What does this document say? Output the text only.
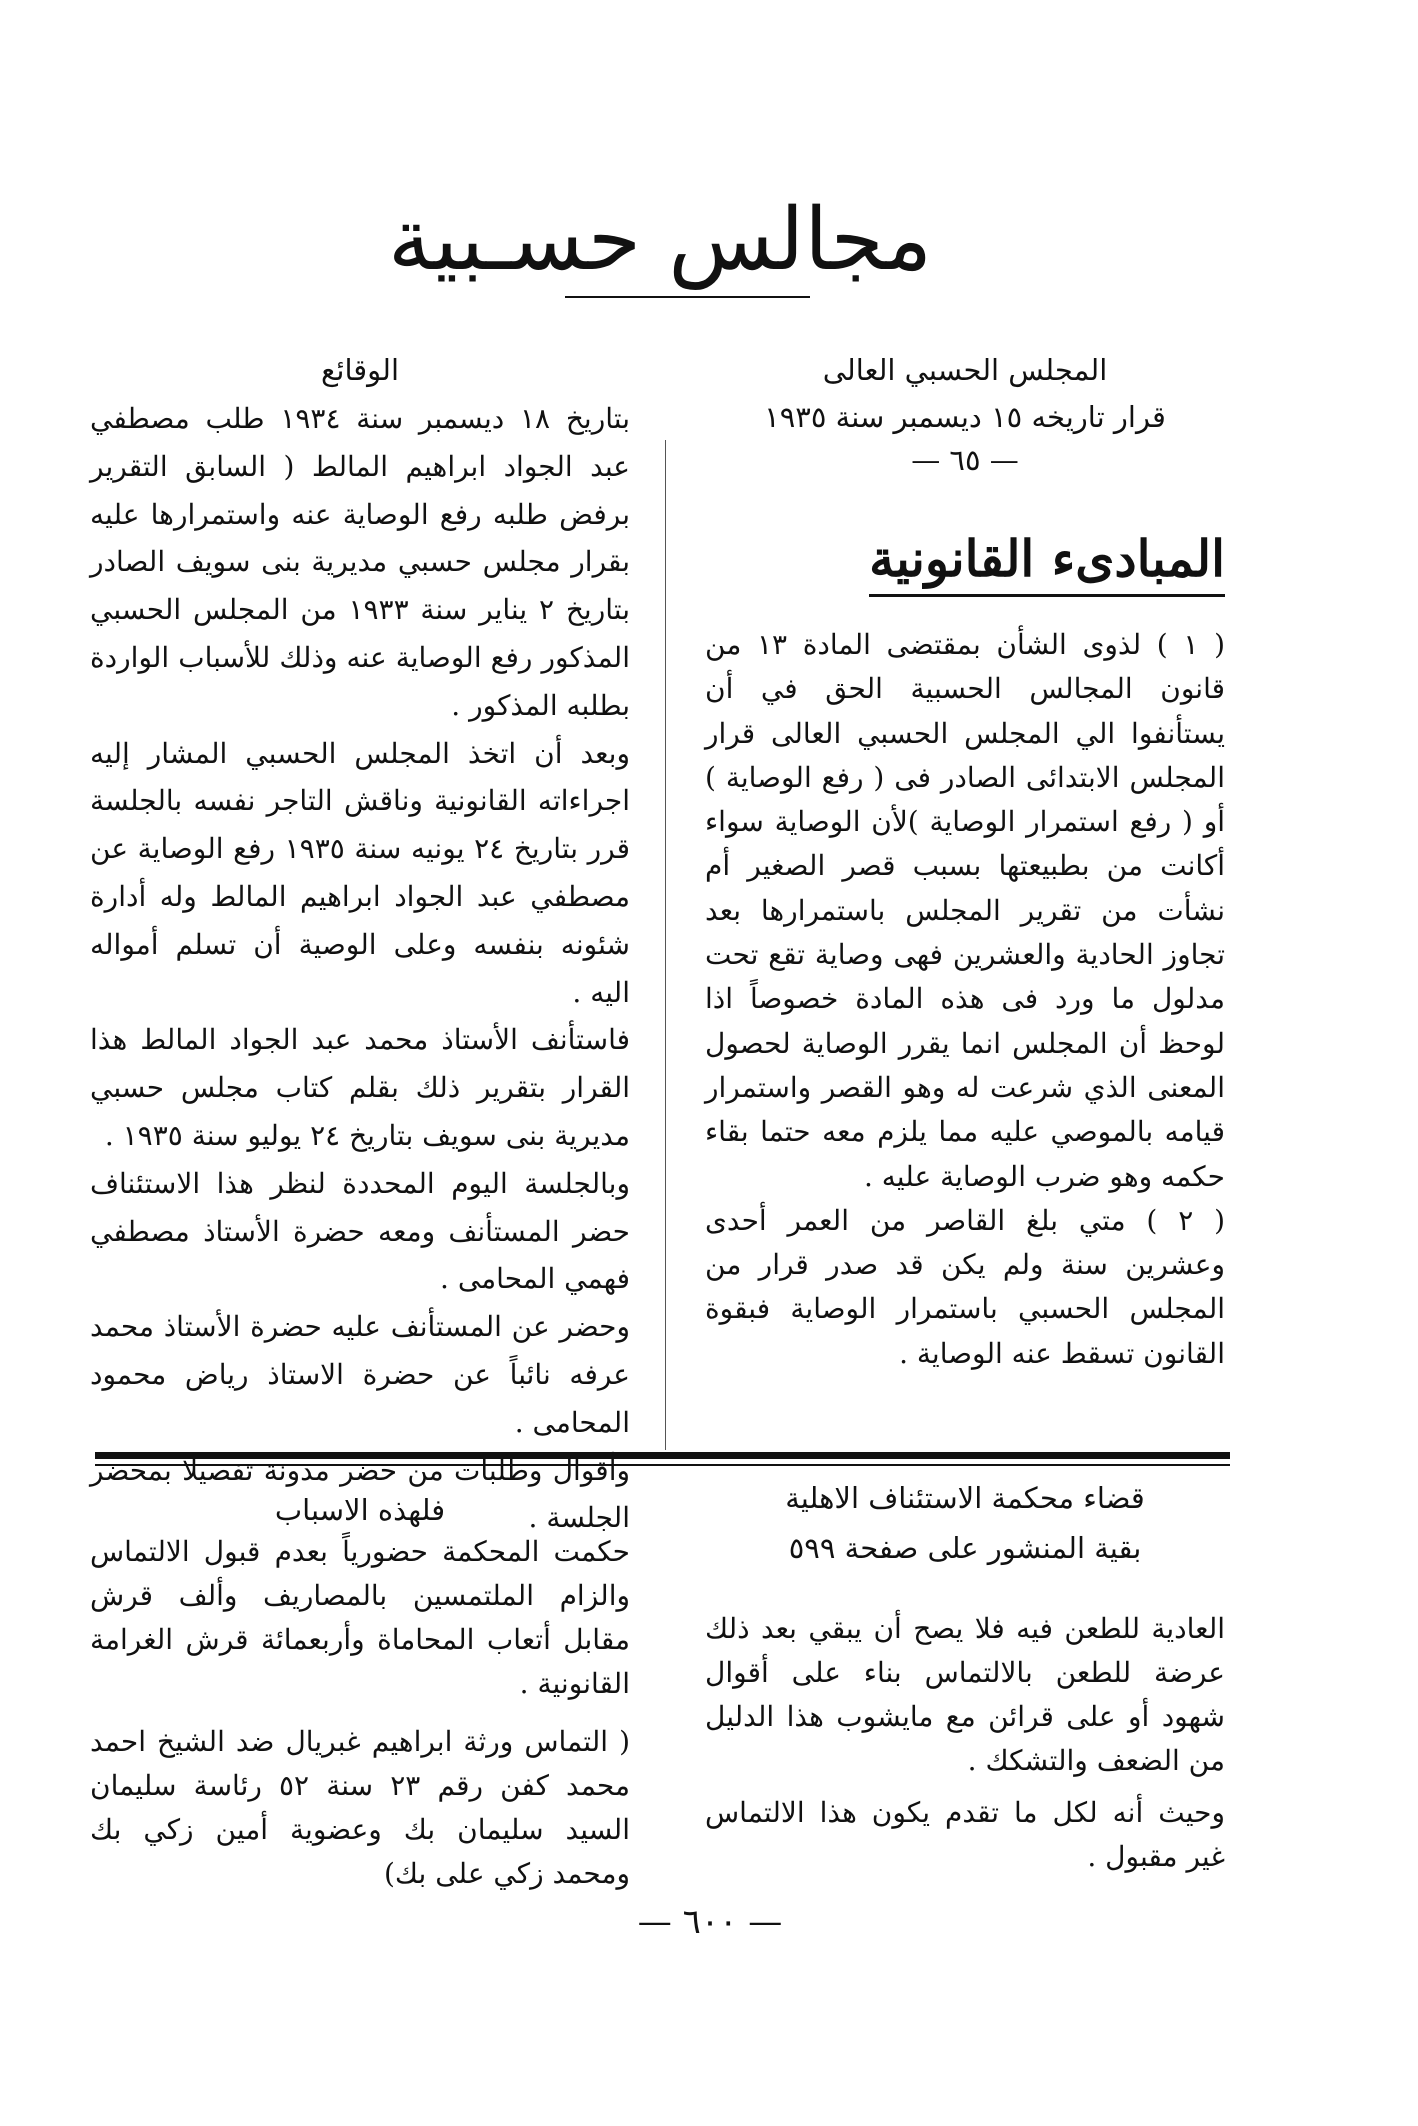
مجالس حسـبية
المجلس الحسبي العالى
قرار تاريخه ١٥ ديسمبر سنة ١٩٣٥
— ٦٥ —
المبادىء القانونية

( ١ ) لذوى الشأن بمقتضى المادة ١٣ من قانون المجالس الحسبية الحق في أن يستأنفوا الي المجلس الحسبي العالى قرار المجلس الابتدائى الصادر فى ( رفع الوصاية ) أو ( رفع استمرار الوصاية )لأن الوصاية سواء أكانت من بطبيعتها بسبب قصر الصغير أم نشأت من تقرير المجلس باستمرارها بعد تجاوز الحادية والعشرين فهى وصاية تقع تحت مدلول ما ورد فى هذه المادة خصوصاً اذا لوحظ أن المجلس انما يقرر الوصاية لحصول المعنى الذي شرعت له وهو القصر واستمرار قيامه بالموصي عليه مما يلزم معه حتما بقاء حكمه وهو ضرب الوصاية عليه .

( ٢ ) متي بلغ القاصر من العمر أحدى وعشرين سنة ولم يكن قد صدر قرار من المجلس الحسبي باستمرار الوصاية فبقوة القانون تسقط عنه الوصاية .

الوقائع

بتاريخ ١٨ ديسمبر سنة ١٩٣٤ طلب مصطفي عبد الجواد ابراهيم المالط ( السابق التقرير برفض طلبه رفع الوصاية عنه واستمرارها عليه بقرار مجلس حسبي مديرية بنى سويف الصادر بتاريخ ٢ يناير سنة ١٩٣٣ من المجلس الحسبي المذكور رفع الوصاية عنه وذلك للأسباب الواردة بطلبه المذكور .

وبعد أن اتخذ المجلس الحسبي المشار إليه اجراءاته القانونية وناقش التاجر نفسه بالجلسة قرر بتاريخ ٢٤ يونيه سنة ١٩٣٥ رفع الوصاية عن مصطفي عبد الجواد ابراهيم المالط وله أدارة شئونه بنفسه وعلى الوصية أن تسلم أمواله اليه .

فاستأنف الأستاذ محمد عبد الجواد المالط هذا القرار بتقرير ذلك بقلم كتاب مجلس حسبي مديرية بنى سويف بتاريخ ٢٤ يوليو سنة ١٩٣٥ .

وبالجلسة اليوم المحددة لنظر هذا الاستئناف حضر المستأنف ومعه حضرة الأستاذ مصطفي فهمي المحامى .

وحضر عن المستأنف عليه حضرة الأستاذ محمد عرفه نائباً عن حضرة الاستاذ رياض محمود المحامى .

وأقوال وطلبات من حضر مدونة تفصيلا بمحضر الجلسة .

قضاء محكمة الاستئناف الاهلية
بقية المنشور على صفحة ٥٩٩

العادية للطعن فيه فلا يصح أن يبقي بعد ذلك عرضة للطعن بالالتماس بناء على أقوال شهود أو على قرائن مع مايشوب هذا الدليل من الضعف والتشكك .

وحيث أنه لكل ما تقدم يكون هذا الالتماس غير مقبول .

فلهذه الاسباب

حكمت المحكمة حضورياً بعدم قبول الالتماس والزام الملتمسين بالمصاريف وألف قرش مقابل أتعاب المحاماة وأربعمائة قرش الغرامة القانونية .

( التماس ورثة ابراهيم غبريال ضد الشيخ احمد محمد كفن رقم ٢٣ سنة ٥٢ رئاسة سليمان السيد سليمان بك وعضوية أمين زكي بك ومحمد زكي على بك)

— ٦٠٠ —
